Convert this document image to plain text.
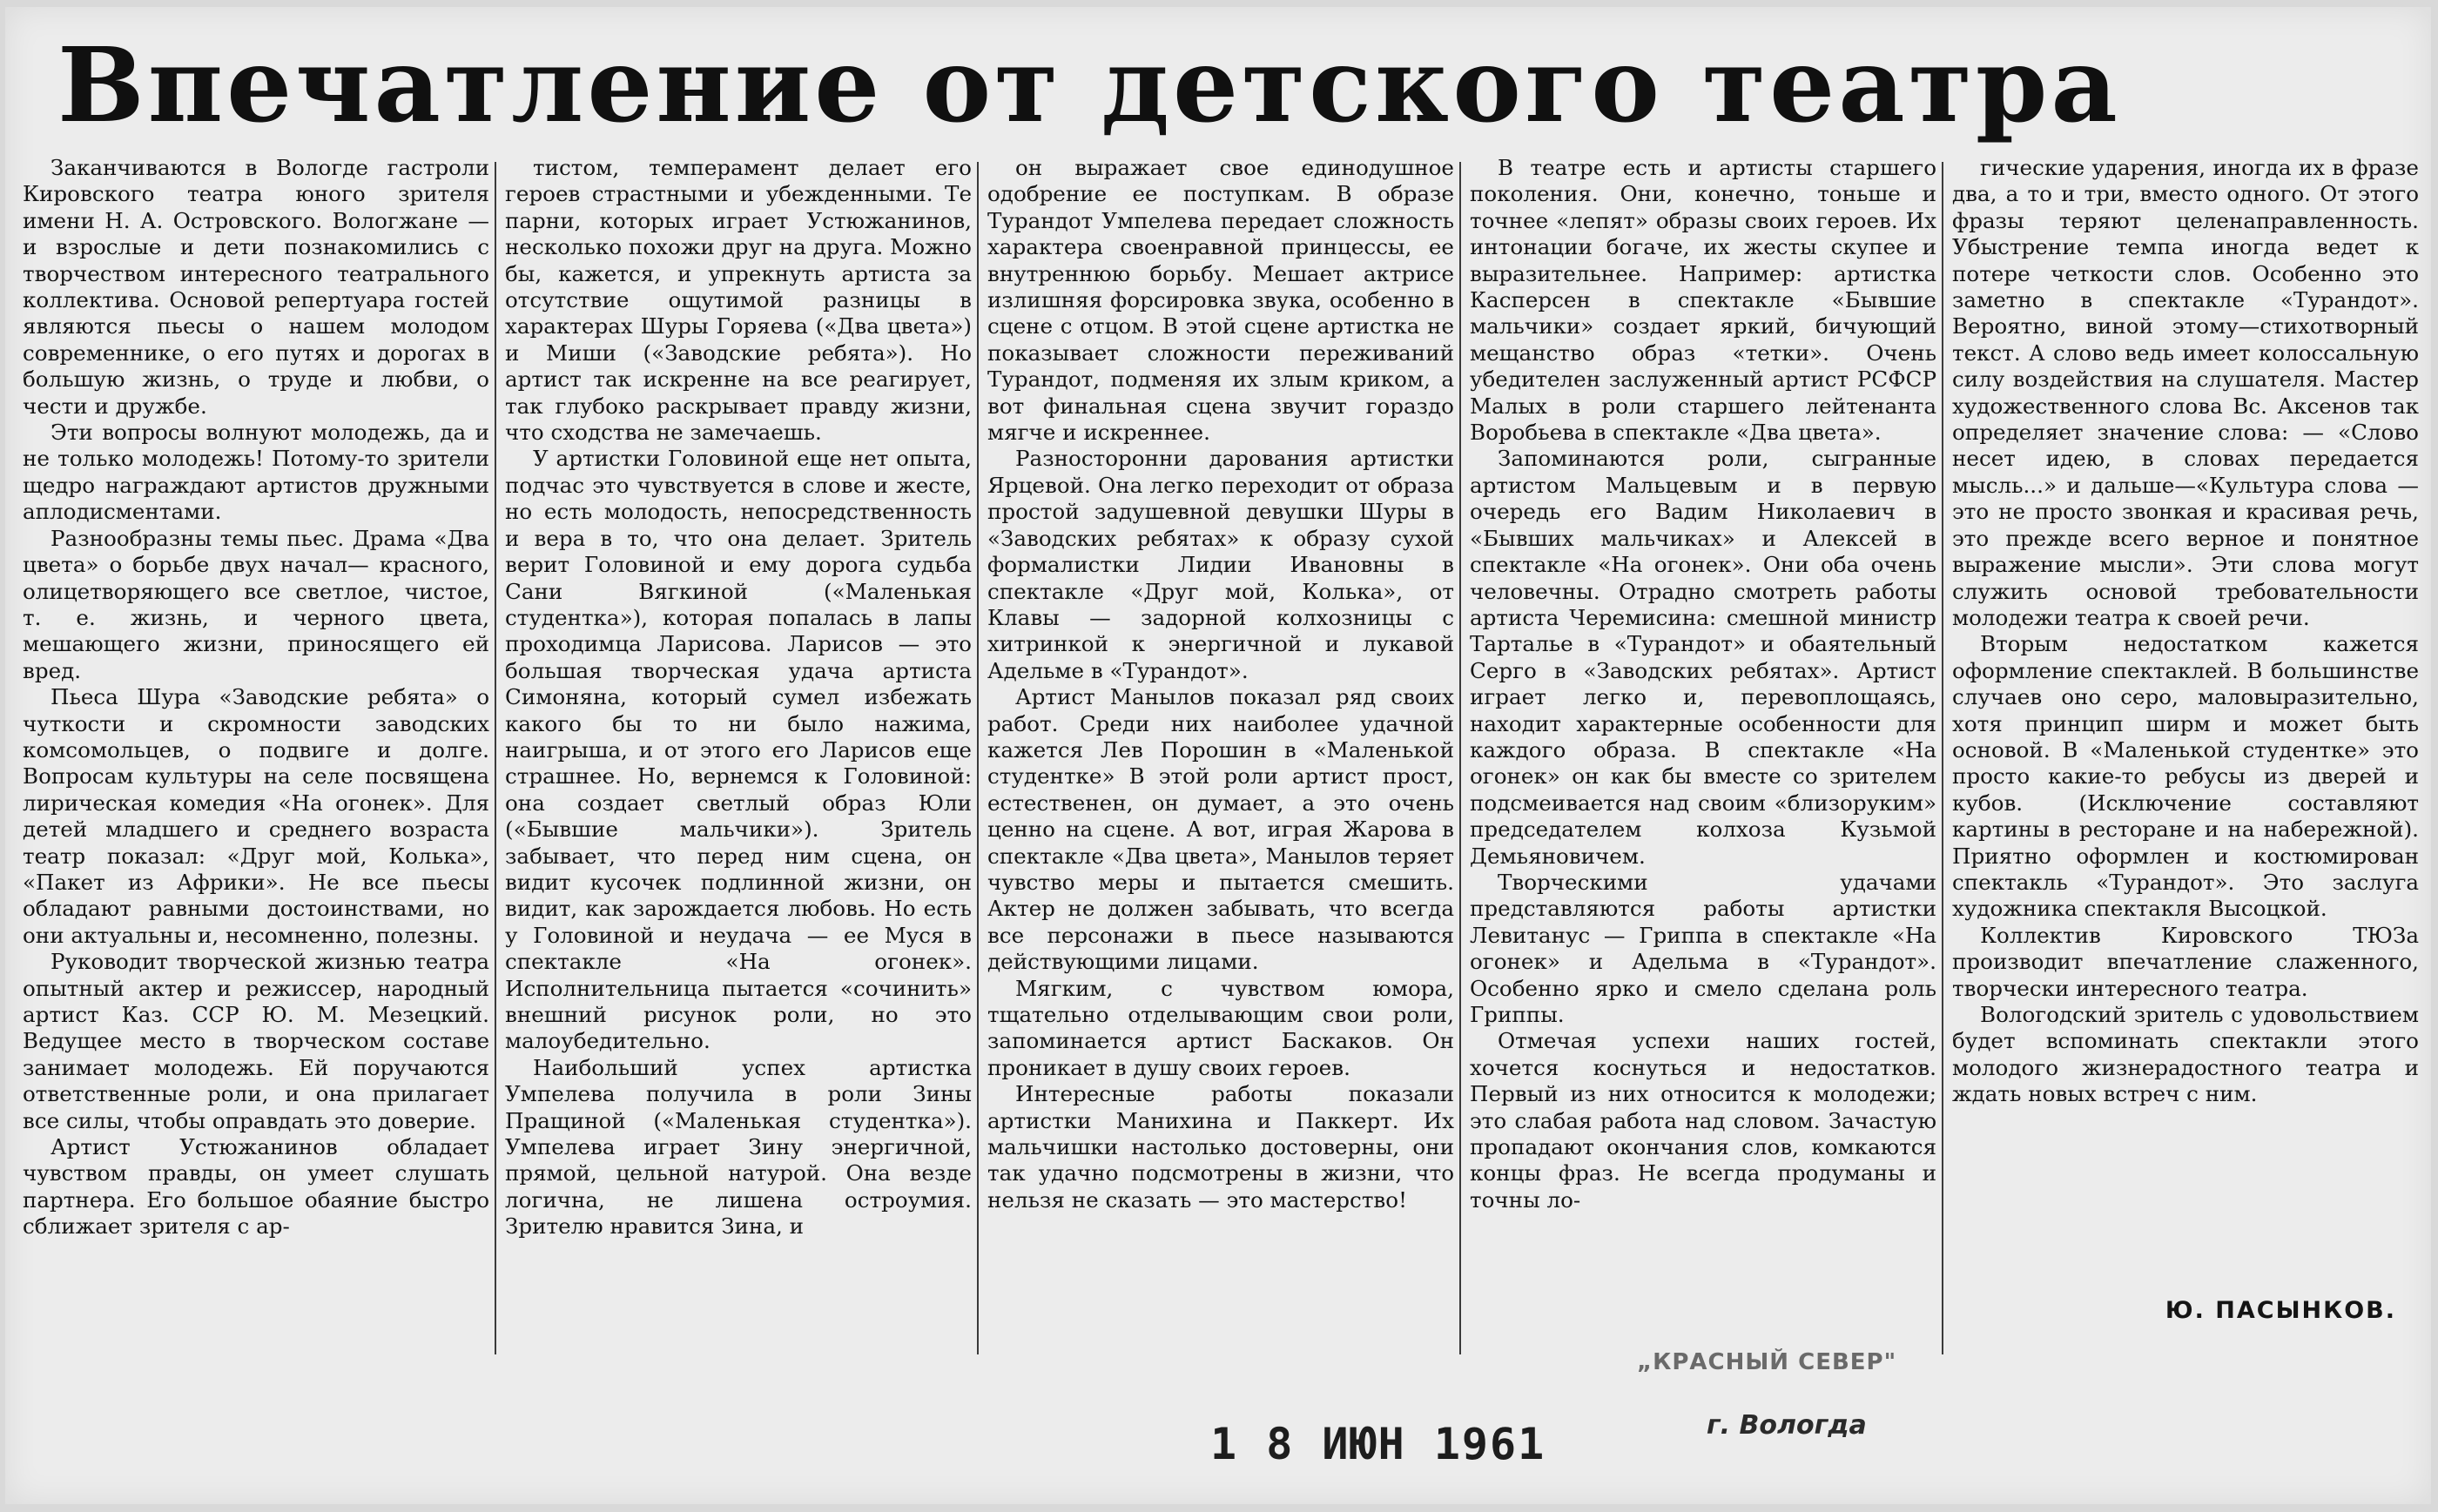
Впечатление от детского театра

Заканчиваются в Вологде гастроли Кировского театра юного зрителя имени Н. А. Островского. Вологжане — и взрослые и дети познакомились с творчеством интересного театрального коллектива. Основой репертуара гостей являются пьесы о нашем молодом современнике, о его путях и дорогах в большую жизнь, о труде и любви, о чести и дружбе.

Эти вопросы волнуют молодежь, да и не только молодежь! Потому-то зрители щедро награждают артистов дружными аплодисментами.

Разнообразны темы пьес. Драма «Два цвета» о борьбе двух начал— красного, олицетворяющего все светлое, чистое, т. е. жизнь, и черного цвета, мешающего жизни, приносящего ей вред.

Пьеса Шура «Заводские ребята» о чуткости и скромности заводских комсомольцев, о подвиге и долге. Вопросам культуры на селе посвящена лирическая комедия «На огонек». Для детей младшего и среднего возраста театр показал: «Друг мой, Колька», «Пакет из Африки». Не все пьесы обладают равными достоинствами, но они актуальны и, несомненно, полезны.

Руководит творческой жизнью театра опытный актер и режиссер, народный артист Каз. ССР Ю. М. Мезецкий. Ведущее место в творческом составе занимает молодежь. Ей поручаются ответственные роли, и она прилагает все силы, чтобы оправдать это доверие.

Артист Устюжанинов обладает чувством правды, он умеет слушать партнера. Его большое обаяние быстро сближает зрителя с ар-

тистом, темперамент делает его героев страстными и убежденными. Те парни, которых играет Устюжанинов, несколько похожи друг на друга. Можно бы, кажется, и упрекнуть артиста за отсутствие ощутимой разницы в характерах Шуры Горяева («Два цвета») и Миши («Заводские ребята»). Но артист так искренне на все реагирует, так глубоко раскрывает правду жизни, что сходства не замечаешь.

У артистки Головиной еще нет опыта, подчас это чувствуется в слове и жесте, но есть молодость, непосредственность и вера в то, что она делает. Зритель верит Головиной и ему дорога судьба Сани Вягкиной («Маленькая студентка»), которая попалась в лапы проходимца Ларисова. Ларисов — это большая творческая удача артиста Симоняна, который сумел избежать какого бы то ни было нажима, наигрыша, и от этого его Ларисов еще страшнее. Но, вернемся к Головиной: она создает светлый образ Юли («Бывшие мальчики»). Зритель забывает, что перед ним сцена, он видит кусочек подлинной жизни, он видит, как зарождается любовь. Но есть у Головиной и неудача — ее Муся в спектакле «На огонек». Исполнительница пытается «сочинить» внешний рисунок роли, но это малоубедительно.

Наибольший успех артистка Умпелева получила в роли Зины Пращиной («Маленькая студентка»). Умпелева играет Зину энергичной, прямой, цельной натурой. Она везде логична, не лишена остроумия. Зрителю нравится Зина, и

он выражает свое единодушное одобрение ее поступкам. В образе Турандот Умпелева передает сложность характера своенравной принцессы, ее внутреннюю борьбу. Мешает актрисе излишняя форсировка звука, особенно в сцене с отцом. В этой сцене артистка не показывает сложности переживаний Турандот, подменяя их злым криком, а вот финальная сцена звучит гораздо мягче и искреннее.

Разносторонни дарования артистки Ярцевой. Она легко переходит от образа простой задушевной девушки Шуры в «Заводских ребятах» к образу сухой формалистки Лидии Ивановны в спектакле «Друг мой, Колька», от Клавы — задорной колхозницы с хитринкой к энергичной и лукавой Адельме в «Турандот».

Артист Манылов показал ряд своих работ. Среди них наиболее удачной кажется Лев Порошин в «Маленькой студентке» В этой роли артист прост, естественен, он думает, а это очень ценно на сцене. А вот, играя Жарова в спектакле «Два цвета», Манылов теряет чувство меры и пытается смешить. Актер не должен забывать, что всегда все персонажи в пьесе называются действующими лицами.

Мягким, с чувством юмора, тщательно отделывающим свои роли, запоминается артист Баскаков. Он проникает в душу своих героев.

Интересные работы показали артистки Манихина и Паккерт. Их мальчишки настолько достоверны, они так удачно подсмотрены в жизни, что нельзя не сказать — это мастерство!

В театре есть и артисты старшего поколения. Они, конечно, тоньше и точнее «лепят» образы своих героев. Их интонации богаче, их жесты скупее и выразительнее. Например: артистка Касперсен в спектакле «Бывшие мальчики» создает яркий, бичующий мещанство образ «тетки». Очень убедителен заслуженный артист РСФСР Малых в роли старшего лейтенанта Воробьева в спектакле «Два цвета».

Запоминаются роли, сыгранные артистом Мальцевым и в первую очередь его Вадим Николаевич в «Бывших мальчиках» и Алексей в спектакле «На огонек». Они оба очень человечны. Отрадно смотреть работы артиста Черемисина: смешной министр Тарталье в «Турандот» и обаятельный Серго в «Заводских ребятах». Артист играет легко и, перевоплощаясь, находит характерные особенности для каждого образа. В спектакле «На огонек» он как бы вместе со зрителем подсмеивается над своим «близоруким» председателем колхоза Кузьмой Демьяновичем.

Творческими удачами представляются работы артистки Левитанус — Гриппа в спектакле «На огонек» и Адельма в «Турандот». Особенно ярко и смело сделана роль Гриппы.

Отмечая успехи наших гостей, хочется коснуться и недостатков. Первый из них относится к молодежи; это слабая работа над словом. Зачастую пропадают окончания слов, комкаются концы фраз. Не всегда продуманы и точны ло-

гические ударения, иногда их в фразе два, а то и три, вместо одного. От этого фразы теряют целенаправленность. Убыстрение темпа иногда ведет к потере четкости слов. Особенно это заметно в спектакле «Турандот». Вероятно, виной этому—стихотворный текст. А слово ведь имеет колоссальную силу воздействия на слушателя. Мастер художественного слова Вс. Аксенов так определяет значение слова: — «Слово несет идею, в словах передается мысль...» и дальше—«Культура слова — это не просто звонкая и красивая речь, это прежде всего верное и понятное выражение мысли». Эти слова могут служить основой требовательности молодежи театра к своей речи.

Вторым недостатком кажется оформление спектаклей. В большинстве случаев оно серо, маловыразительно, хотя принцип ширм и может быть основой. В «Маленькой студентке» это просто какие-то ребусы из дверей и кубов. (Исключение составляют картины в ресторане и на набережной). Приятно оформлен и костюмирован спектакль «Турандот». Это заслуга художника спектакля Высоцкой.

Коллектив Кировского ТЮЗа производит впечатление слаженного, творчески интересного театра.

Вологодский зритель с удовольствием будет вспоминать спектакли этого молодого жизнерадостного театра и ждать новых встреч с ним.

Ю. ПАСЫНКОВ.
„КРАСНЫЙ СЕВЕР"
г. Вологда
1 8 ИЮН 1961
